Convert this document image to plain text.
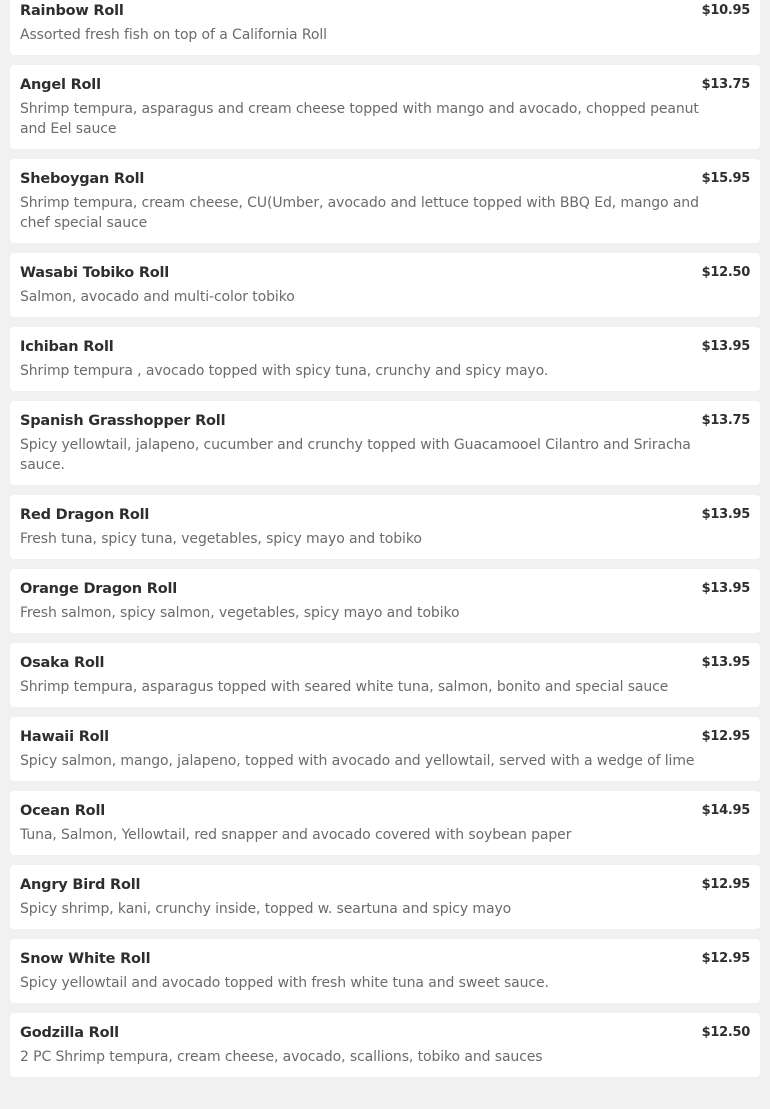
Rainbow Roll	$10.95
Assorted fresh fish on top of a California Roll
Angel Roll	$13.75
Shrimp tempura, asparagus and cream cheese topped with mango and avocado, chopped peanut and Eel sauce
Sheboygan Roll	$15.95
Shrimp tempura, cream cheese, CU(Umber, avocado and lettuce topped with BBQ Ed, mango and chef special sauce
Wasabi Tobiko Roll	$12.50
Salmon, avocado and multi-color tobiko
Ichiban Roll	$13.95
Shrimp tempura , avocado topped with spicy tuna, crunchy and spicy mayo.
Spanish Grasshopper Roll	$13.75
Spicy yellowtail, jalapeno, cucumber and crunchy topped with Guacamooel Cilantro and Sriracha sauce.
Red Dragon Roll	$13.95
Fresh tuna, spicy tuna, vegetables, spicy mayo and tobiko
Orange Dragon Roll	$13.95
Fresh salmon, spicy salmon, vegetables, spicy mayo and tobiko
Osaka Roll	$13.95
Shrimp tempura, asparagus topped with seared white tuna, salmon, bonito and special sauce
Hawaii Roll	$12.95
Spicy salmon, mango, jalapeno, topped with avocado and yellowtail, served with a wedge of lime
Ocean Roll	$14.95
Tuna, Salmon, Yellowtail, red snapper and avocado covered with soybean paper
Angry Bird Roll	$12.95
Spicy shrimp, kani, crunchy inside, topped w. seartuna and spicy mayo
Snow White Roll	$12.95
Spicy yellowtail and avocado topped with fresh white tuna and sweet sauce.
Godzilla Roll	$12.50
2 PC Shrimp tempura, cream cheese, avocado, scallions, tobiko and sauces
